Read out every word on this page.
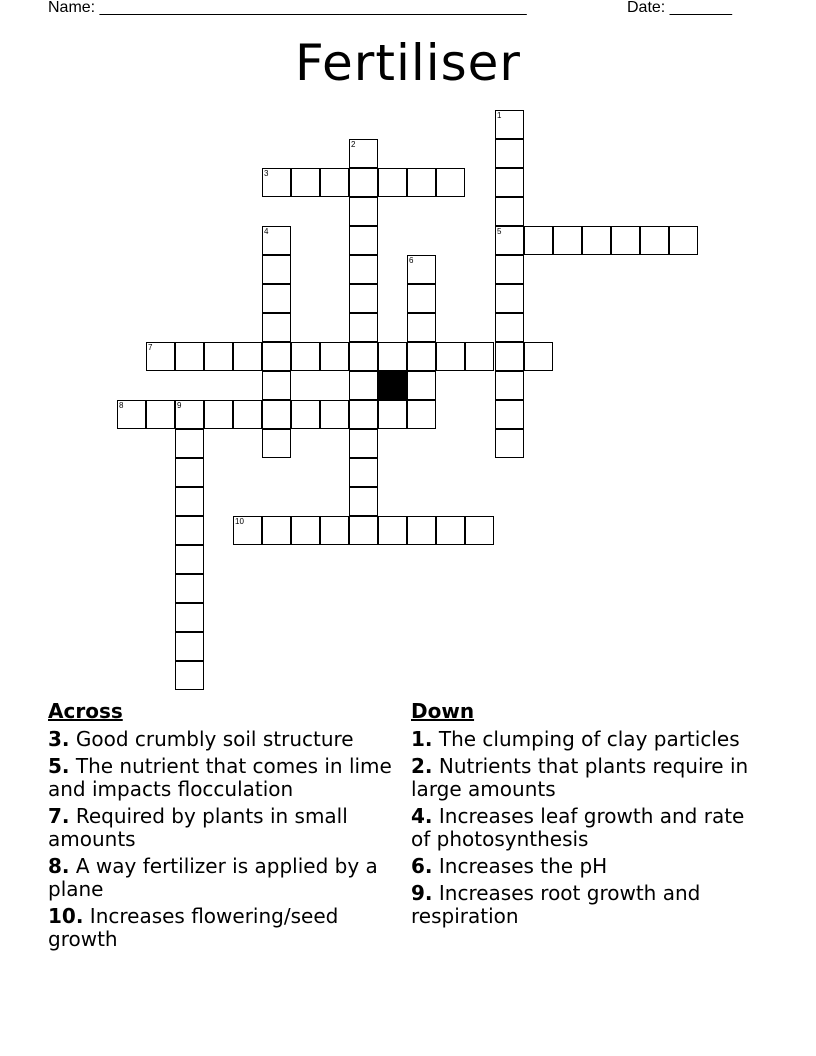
Name: ________________________________________________	Date: _______
Fertiliser
1
2
3
4	5
6
7
8	9
10
Across
3. Good crumbly soil structure
5. The nutrient that comes in lime and impacts flocculation
7. Required by plants in small amounts
8. A way fertilizer is applied by a plane
10. Increases flowering/seed growth
Down
1. The clumping of clay particles
2. Nutrients that plants require in large amounts
4. Increases leaf growth and rate of photosynthesis
6. Increases the pH
9. Increases root growth and respiration
